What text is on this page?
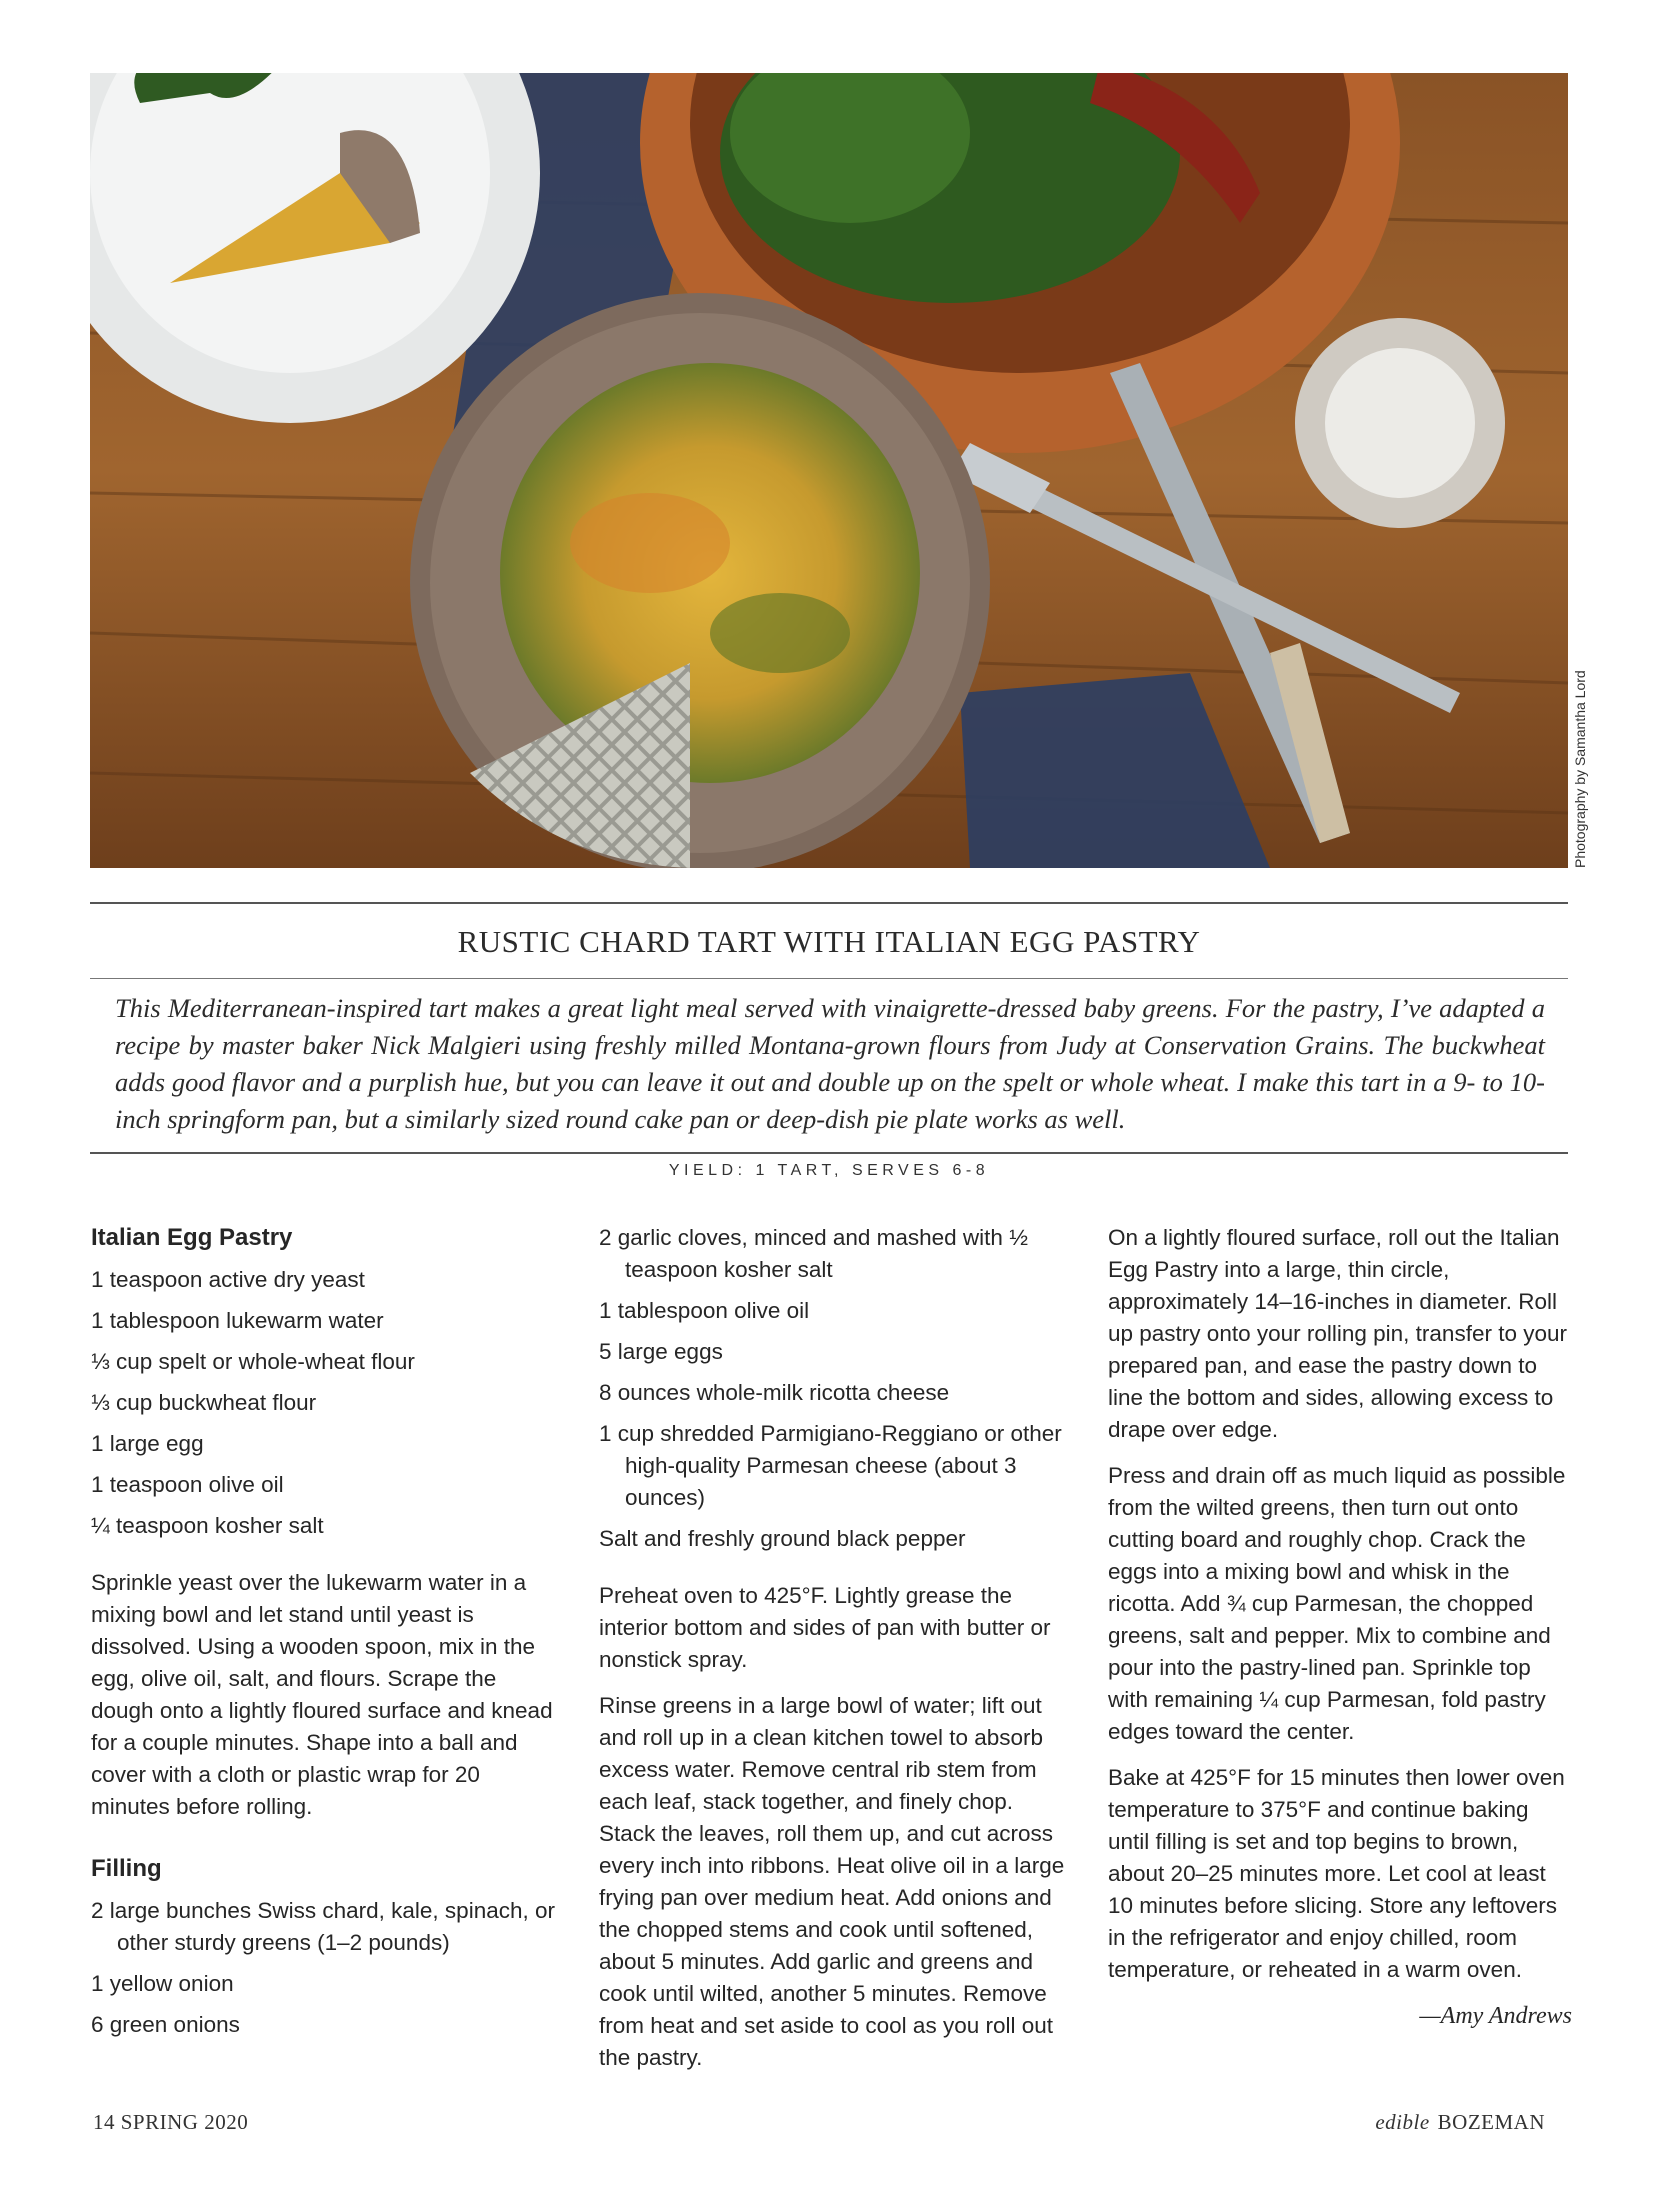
Photography by Samantha Lord
RUSTIC CHARD TART WITH ITALIAN EGG PASTRY
This Mediterranean-inspired tart makes a great light meal served with vinaigrette-dressed baby greens. For the pastry, I’ve adapted a recipe by master baker Nick Malgieri using freshly milled Montana-grown flours from Judy at Conservation Grains. The buckwheat adds good flavor and a purplish hue, but you can leave it out and double up on the spelt or whole wheat. I make this tart in a 9- to 10-inch springform pan, but a similarly sized round cake pan or deep-dish pie plate works as well.
YIELD: 1 TART, SERVES 6-8
Italian Egg Pastry
1 teaspoon active dry yeast
1 tablespoon lukewarm water
⅓ cup spelt or whole-wheat flour
⅓ cup buckwheat flour
1 large egg
1 teaspoon olive oil
¼ teaspoon kosher salt
Sprinkle yeast over the lukewarm water in a mixing bowl and let stand until yeast is dissolved. Using a wooden spoon, mix in the egg, olive oil, salt, and flours. Scrape the dough onto a lightly floured surface and knead for a couple minutes. Shape into a ball and cover with a cloth or plastic wrap for 20 minutes before rolling.
Filling
2 large bunches Swiss chard, kale, spinach, or other sturdy greens (1–2 pounds)
1 yellow onion
6 green onions
2 garlic cloves, minced and mashed with ½ teaspoon kosher salt
1 tablespoon olive oil
5 large eggs
8 ounces whole-milk ricotta cheese
1 cup shredded Parmigiano-Reggiano or other high-quality Parmesan cheese (about 3 ounces)
Salt and freshly ground black pepper
Preheat oven to 425°F. Lightly grease the interior bottom and sides of pan with butter or nonstick spray.
Rinse greens in a large bowl of water; lift out and roll up in a clean kitchen towel to absorb excess water. Remove central rib stem from each leaf, stack together, and finely chop. Stack the leaves, roll them up, and cut across every inch into ribbons. Heat olive oil in a large frying pan over medium heat. Add onions and the chopped stems and cook until softened, about 5 minutes. Add garlic and greens and cook until wilted, another 5 minutes. Remove from heat and set aside to cool as you roll out the pastry.
On a lightly floured surface, roll out the Italian Egg Pastry into a large, thin circle, approximately 14–16-inches in diameter. Roll up pastry onto your rolling pin, transfer to your prepared pan, and ease the pastry down to line the bottom and sides, allowing excess to drape over edge.
Press and drain off as much liquid as possible from the wilted greens, then turn out onto cutting board and roughly chop. Crack the eggs into a mixing bowl and whisk in the ricotta. Add ¾ cup Parmesan, the chopped greens, salt and pepper. Mix to combine and pour into the pastry-lined pan. Sprinkle top with remaining ¼ cup Parmesan, fold pastry edges toward the center.
Bake at 425°F for 15 minutes then lower oven temperature to 375°F and continue baking until filling is set and top begins to brown, about 20–25 minutes more. Let cool at least 10 minutes before slicing. Store any leftovers in the refrigerator and enjoy chilled, room temperature, or reheated in a warm oven.
—Amy Andrews
14 SPRING 2020	edible BOZEMAN
